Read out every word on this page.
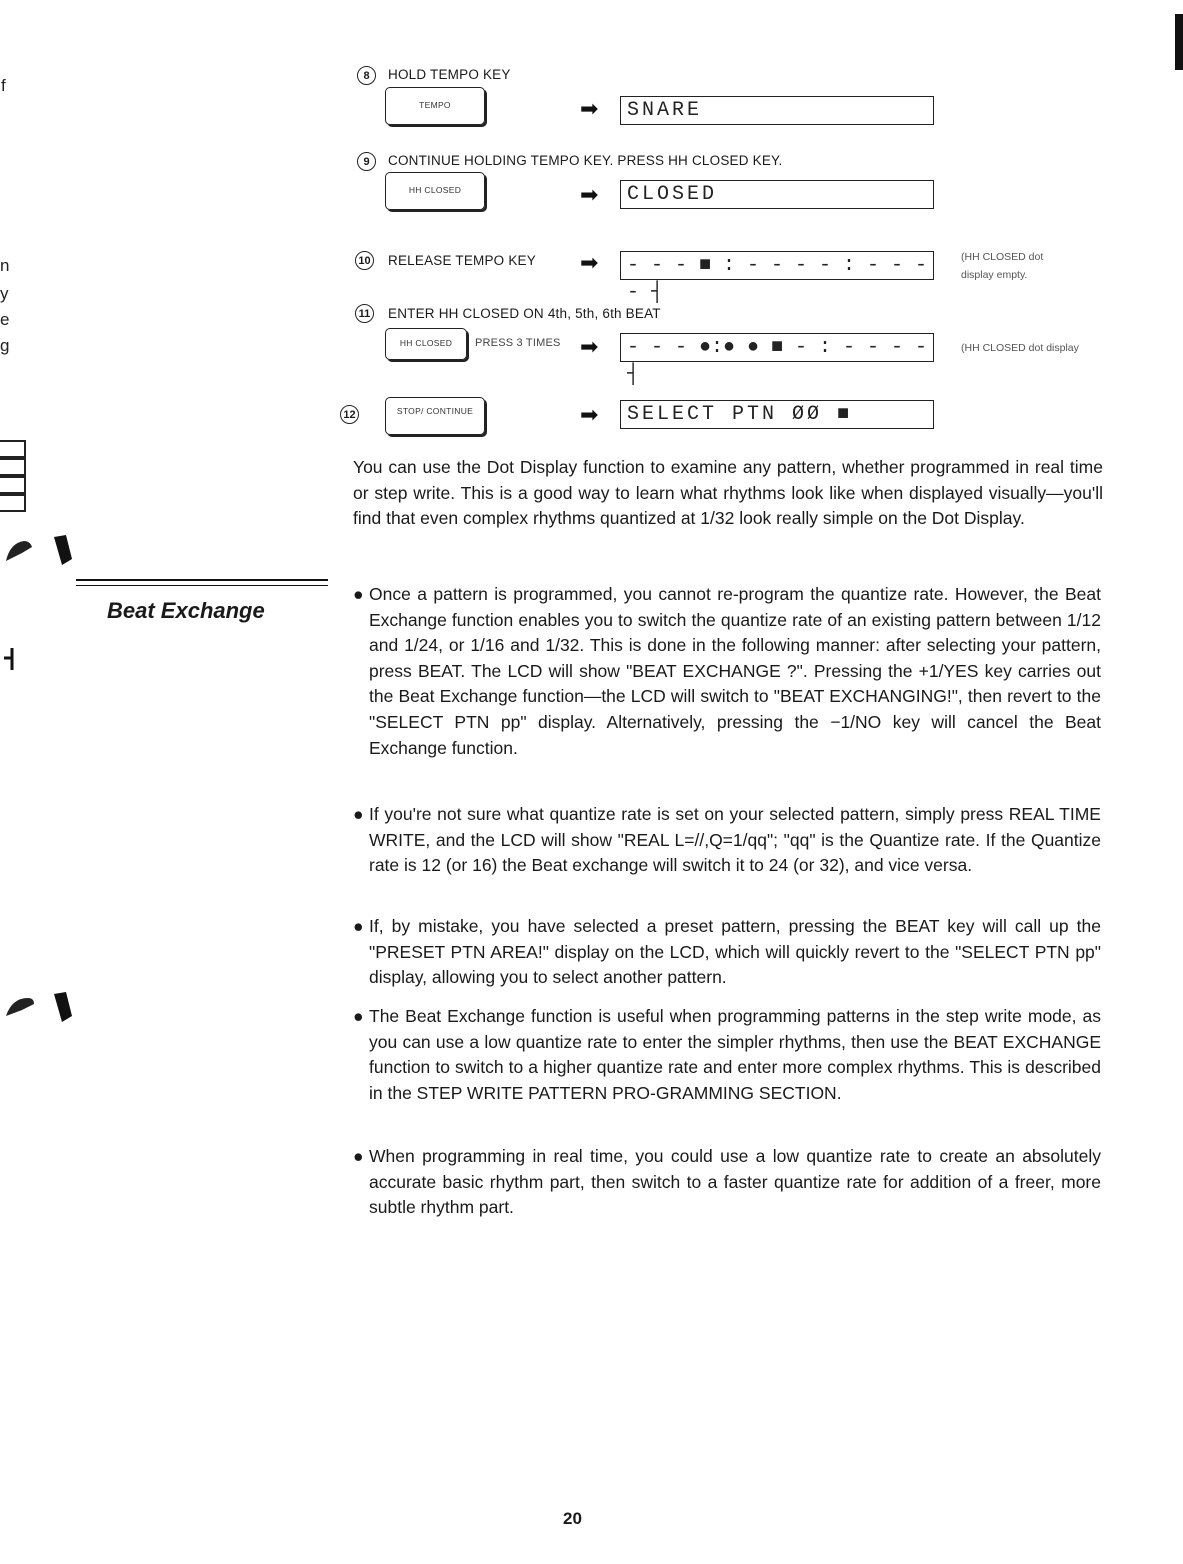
f
n
y
e
g
8	HOLD TEMPO KEY
TEMPO	➡	SNARE
9	CONTINUE HOLDING TEMPO KEY. PRESS HH CLOSED KEY.
HH CLOSED	➡	CLOSED
10 RELEASE TEMPO KEY ➡	- - - ■ : - - - - : - - - - ┤
(HH CLOSED dot display empty.
11 ENTER HH CLOSED ON 4th, 5th, 6th BEAT
HH CLOSED	PRESS 3 TIMES ➡	- - - ●:● ● ■ - : - - - - ┤
(HH CLOSED dot display
12	STOP/ CONTINUE	➡	SELECT PTN ØØ ■
You can use the Dot Display function to examine any pattern, whether programmed in real time or step write. This is a good way to learn what rhythms look like when displayed visually—you'll find that even complex rhythms quantized at 1/32 look really simple on the Dot Display.
Beat Exchange
● Once a pattern is programmed, you cannot re-program the quantize rate. However, the Beat Exchange function enables you to switch the quantize rate of an existing pattern between 1/12 and 1/24, or 1/16 and 1/32. This is done in the following manner: after selecting your pattern, press BEAT. The LCD will show "BEAT EXCHANGE ?". Pressing the +1/YES key carries out the Beat Exchange function—the LCD will switch to "BEAT EXCHANGING!", then revert to the "SELECT PTN pp" display. Alternatively, pressing the −1/NO key will cancel the Beat Exchange function.
● If you're not sure what quantize rate is set on your selected pattern, simply press REAL TIME WRITE, and the LCD will show "REAL L=//,Q=1/qq"; "qq" is the Quantize rate. If the Quantize rate is 12 (or 16) the Beat exchange will switch it to 24 (or 32), and vice versa.
● If, by mistake, you have selected a preset pattern, pressing the BEAT key will call up the "PRESET PTN AREA!" display on the LCD, which will quickly revert to the "SELECT PTN pp" display, allowing you to select another pattern.
● The Beat Exchange function is useful when programming patterns in the step write mode, as you can use a low quantize rate to enter the simpler rhythms, then use the BEAT EXCHANGE function to switch to a higher quantize rate and enter more complex rhythms. This is described in the STEP WRITE PATTERN PRO-GRAMMING SECTION.
● When programming in real time, you could use a low quantize rate to create an absolutely accurate basic rhythm part, then switch to a faster quantize rate for addition of a freer, more subtle rhythm part.
20
